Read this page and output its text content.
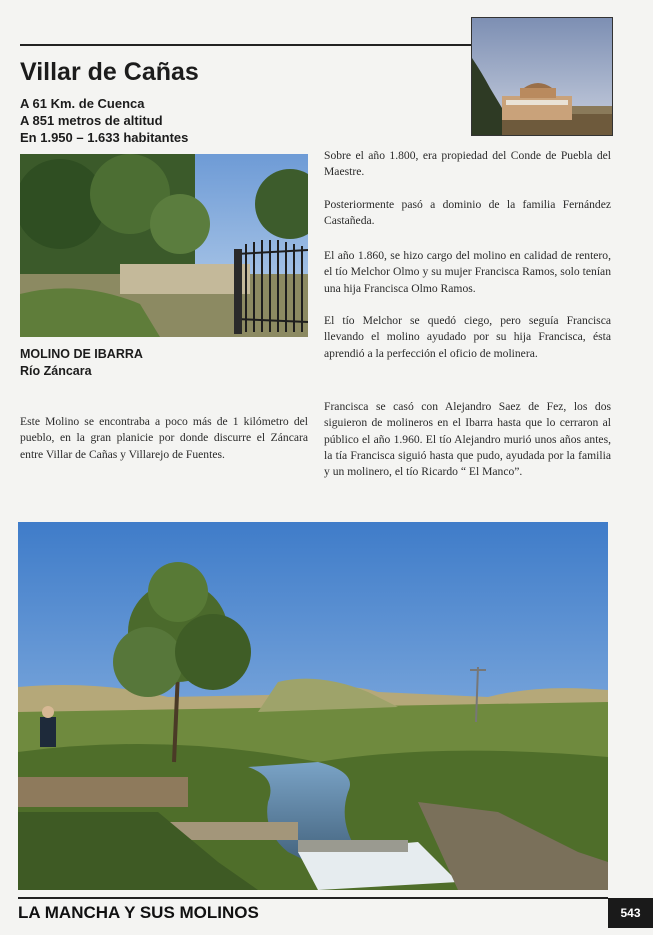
Villar de Cañas
A 61 Km. de Cuenca
A 851 metros de altitud
En 1.950 – 1.633 habitantes
MOLINO DE IBARRA
Río Záncara

Este Molino se encontraba a poco más de 1 kilómetro del pueblo, en la gran planicie por donde discurre el Záncara entre Villar de Cañas y Villarejo de Fuentes.

Sobre el año 1.800, era propiedad del Conde de Puebla del Maestre.

Posteriormente pasó a dominio de la familia Fernández Castañeda.

El año 1.860, se hizo cargo del molino en calidad de rentero, el tío Melchor Olmo y su mujer Francisca Ramos, solo tenían una hija Francisca Olmo Ramos.

El tío Melchor se quedó ciego, pero seguía Francisca llevando el molino ayudado por su hija Francisca, ésta aprendió a la perfección el oficio de molinera.

Francisca se casó con Alejandro Saez de Fez, los dos siguieron de molineros en el Ibarra hasta que lo cerraron al público el año 1.960. El tío Alejandro murió unos años antes, la tía Francisca siguió hasta que pudo, ayudada por la familia y un molinero, el tío Ricardo “ El Manco”.

LA MANCHA Y SUS MOLINOS	543
